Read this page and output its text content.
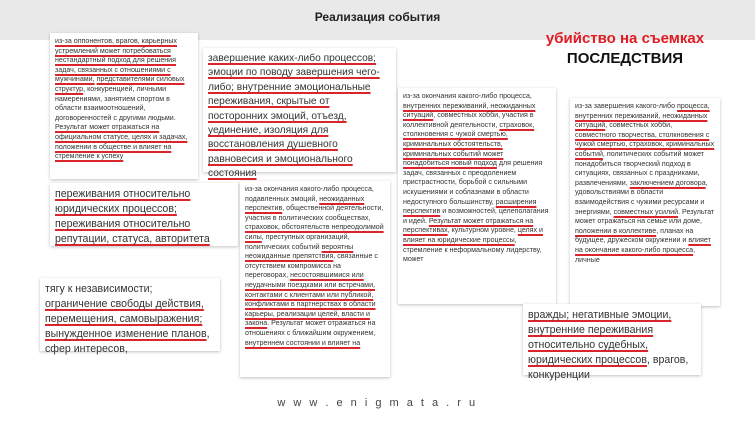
Реализация события
убийство на съемках
ПОСЛЕДСТВИЯ

из-за оппонентов, врагов, карьерных устремлений может потребоваться нестандартный подход для решения задач, связанных с отношениями с мужчинами, представителями силовых структур, конкуренцией, личными намерениями, занятием спортом в области взаимоотношений, договоренностей с другими людьми. Результат может отражаться на официальном статусе, целях и задачах, положении в обществе и влияет на стремление к успеху

завершение каких-либо процессов; эмоции по поводу завершения чего-либо; внутренние эмоциональные переживания, скрытые от посторонних эмоций, отъезд, уединение, изоляция для восстановления душевного равновесия и эмоционального состояния

переживания относительно юридических процессов; переживания относительно репутации, статуса, авторитета

из-за окончания какого-либо процесса, подавленных эмоций, неожиданных перспектив, общественной деятельности, участия в политических сообществах, страховок, обстоятельств непреодолимой силы, преступных организаций, политических событий вероятны неожиданные препятствия, связанные с отсутствием компромисса на переговорах, несостоявшимися или неудачными поездками или встречами, контактами с клиентами или публикой, конфликтами в партнерствах в области карьеры, реализации целей, власти и закона. Результат может отражаться на отношениях с ближайшим окружением, внутреннем состоянии и влияет на

тягу к независимости; ограничение свободы действия, перемещения, самовыражения; вынужденное изменение планов, сфер интересов,

из-за окончания какого-либо процесса, внутренних переживаний, неожиданных ситуаций, совместных хобби, участия в коллективной деятельности, страховок, столкновения с чужой смертью, криминальных обстоятельств, криминальных событий может понадобиться новый подход для решения задач, связанных с преодолением пристрастности, борьбой с сильными искушениями и соблазнами в области недоступного большинству, расширения перспектив и возможностей, целеполагания и идей. Результат может отражаться на перспективах, культурном уровне, целях и влияет на юридические процессы, стремление к неформальному лидерству, может

из-за завершения какого-либо процесса, внутренних переживаний, неожиданных ситуаций, совместных хобби, совместного творчества, столкновения с чужой смертью, страховок, криминальных событий, политических событий может понадобиться творческий подход в ситуациях, связанных с праздниками, развлечениями, заключением договора, удовольствиями в области взаимодействия с чужими ресурсами и энергиями, совместных усилий. Результат может отражаться на семье или доме, положении в коллективе, планах на будущее, дружеском окружении и влияет на окончание какого-либо процесса, личные

вражды; негативные эмоции, внутренние переживания относительно судебных, юридических процессов, врагов, конкуренции

w w w . e n i g m a t a . r u
